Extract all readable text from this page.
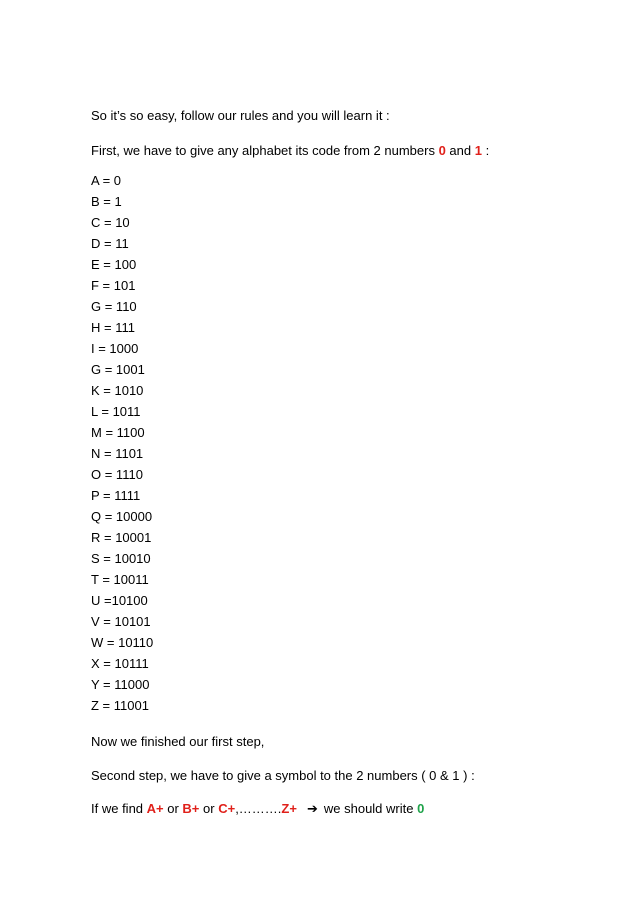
So it’s so easy, follow our rules and you will learn it :
First, we have to give any alphabet its code from 2 numbers 0 and 1 :
A = 0
B = 1
C = 10
D = 11
E = 100
F = 101
G = 110
H = 111
I = 1000
G = 1001
K = 1010
L = 1011
M = 1100
N = 1101
O = 1110
P = 1111
Q = 10000
R = 10001
S = 10010
T = 10011
U =10100
V = 10101
W = 10110
X = 10111
Y = 11000
Z = 11001
Now we finished our first step,
Second step, we have to give a symbol to the 2 numbers ( 0 & 1 ) :
If we find A+ or B+ or C+,……….Z+ ➔ we should write 0
